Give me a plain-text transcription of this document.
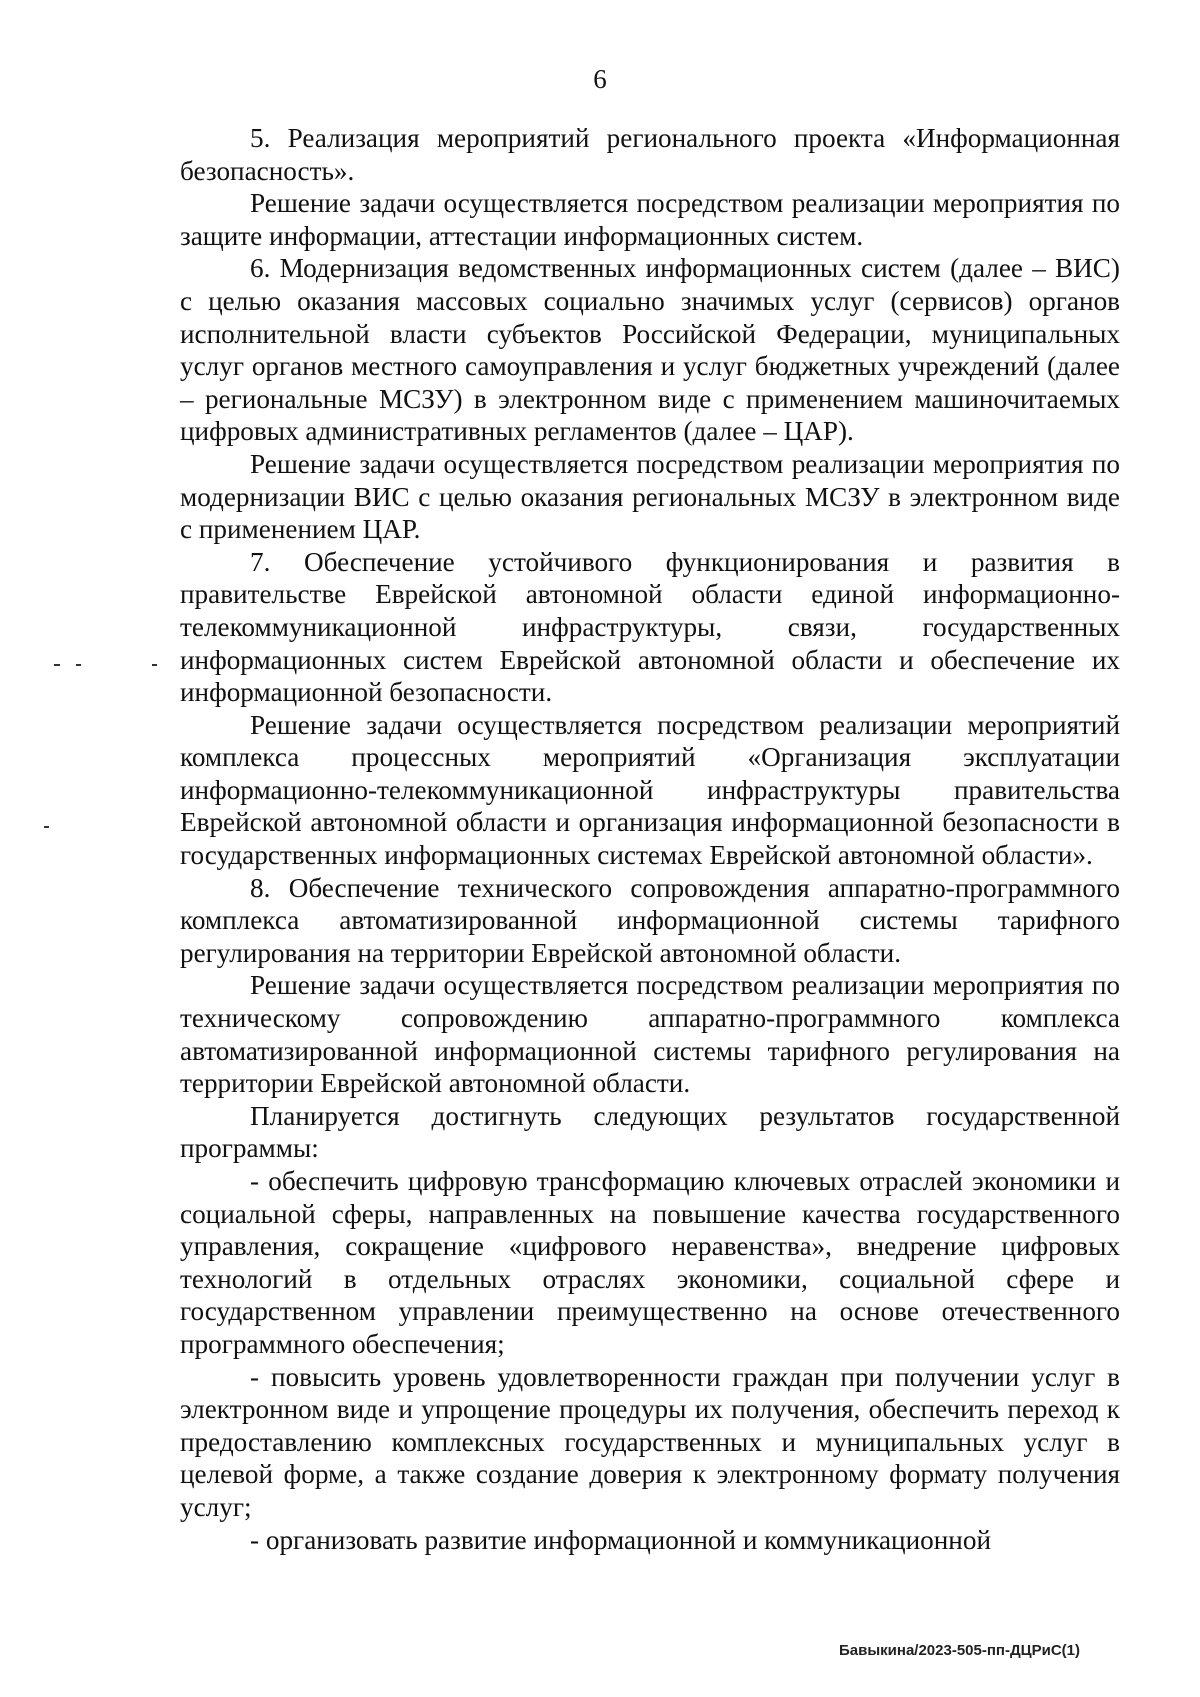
6

5. Реализация мероприятий регионального проекта «Информационная безопасность».

Решение задачи осуществляется посредством реализации мероприятия по защите информации, аттестации информационных систем.

6. Модернизация ведомственных информационных систем (далее – ВИС) с целью оказания массовых социально значимых услуг (сервисов) органов исполнительной власти субъектов Российской Федерации, муниципальных услуг органов местного самоуправления и услуг бюджетных учреждений (далее – региональные МСЗУ) в электронном виде с применением машиночитаемых цифровых административных регламентов (далее – ЦАР).

Решение задачи осуществляется посредством реализации мероприятия по модернизации ВИС с целью оказания региональных МСЗУ в электронном виде с применением ЦАР.

7. Обеспечение устойчивого функционирования и развития в правительстве Еврейской автономной области единой информационно-телекоммуникационной инфраструктуры, связи, государственных информационных систем Еврейской автономной области и обеспечение их информационной безопасности.

Решение задачи осуществляется посредством реализации мероприятий комплекса процессных мероприятий «Организация эксплуатации информационно-телекоммуникационной инфраструктуры правительства Еврейской автономной области и организация информационной безопасности в государственных информационных системах Еврейской автономной области».

8. Обеспечение технического сопровождения аппаратно-программного комплекса автоматизированной информационной системы тарифного регулирования на территории Еврейской автономной области.

Решение задачи осуществляется посредством реализации мероприятия по техническому сопровождению аппаратно-программного комплекса автоматизированной информационной системы тарифного регулирования на территории Еврейской автономной области.

Планируется достигнуть следующих результатов государственной программы:

- обеспечить цифровую трансформацию ключевых отраслей экономики и социальной сферы, направленных на повышение качества государственного управления, сокращение «цифрового неравенства», внедрение цифровых технологий в отдельных отраслях экономики, социальной сфере и государственном управлении преимущественно на основе отечественного программного обеспечения;

- повысить уровень удовлетворенности граждан при получении услуг в электронном виде и упрощение процедуры их получения, обеспечить переход к предоставлению комплексных государственных и муниципальных услуг в целевой форме, а также создание доверия к электронному формату получения услуг;

- организовать развитие информационной и коммуникационной

Бавыкина/2023-505-пп-ДЦРиС(1)
